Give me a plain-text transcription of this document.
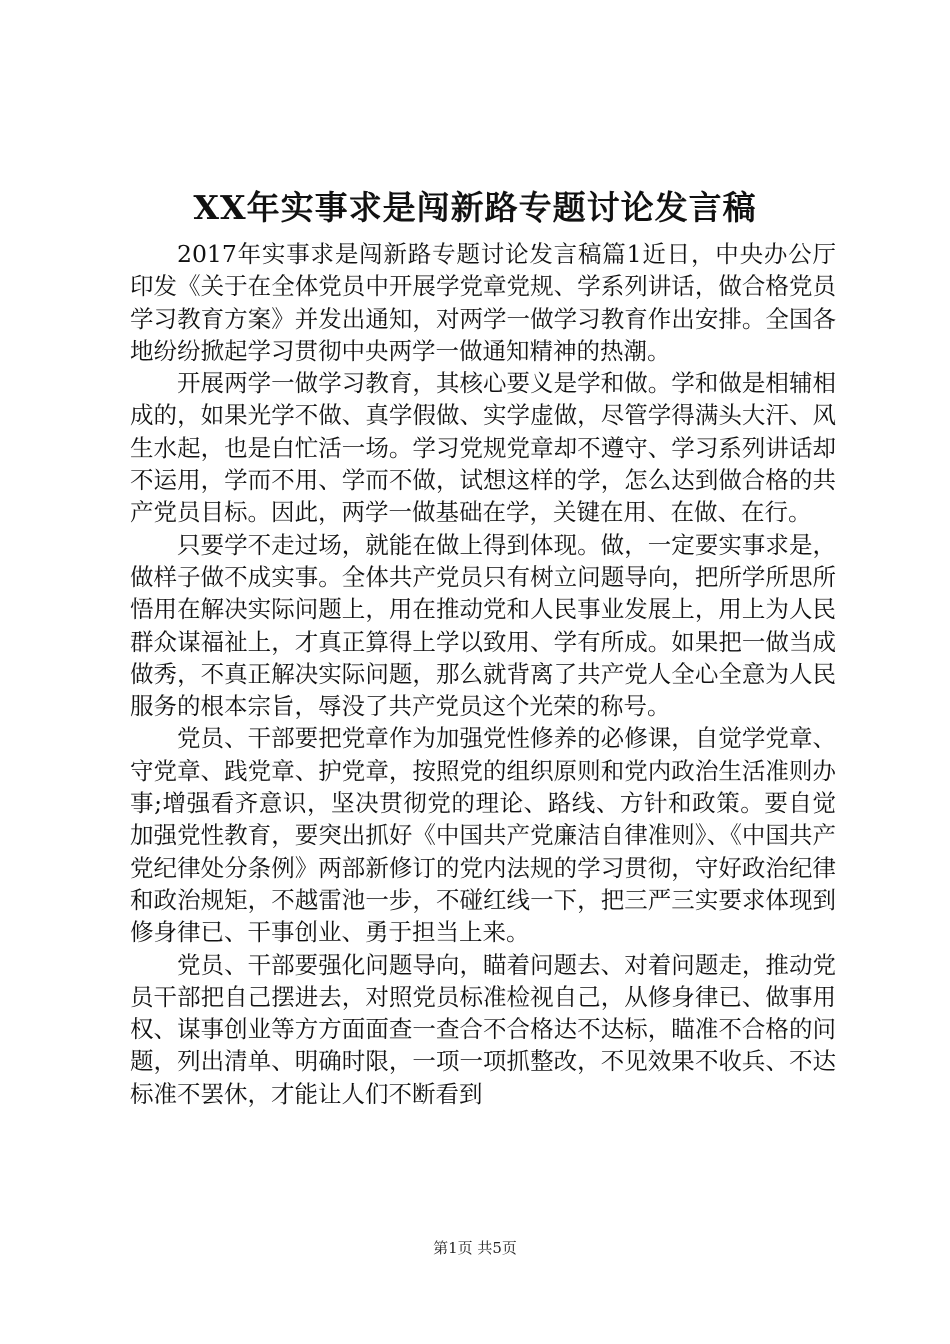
XX年实事求是闯新路专题讨论发言稿

2017年实事求是闯新路专题讨论发言稿篇1近日，中央办公厅印发《关于在全体党员中开展学党章党规、学系列讲话，做合格党员学习教育方案》并发出通知，对两学一做学习教育作出安排。全国各地纷纷掀起学习贯彻中央两学一做通知精神的热潮。

开展两学一做学习教育，其核心要义是学和做。学和做是相辅相成的，如果光学不做、真学假做、实学虚做，尽管学得满头大汗、风生水起，也是白忙活一场。学习党规党章却不遵守、学习系列讲话却不运用，学而不用、学而不做，试想这样的学，怎么达到做合格的共产党员目标。因此，两学一做基础在学，关键在用、在做、在行。

只要学不走过场，就能在做上得到体现。做，一定要实事求是，做样子做不成实事。全体共产党员只有树立问题导向，把所学所思所悟用在解决实际问题上，用在推动党和人民事业发展上，用上为人民群众谋福祉上，才真正算得上学以致用、学有所成。如果把一做当成做秀，不真正解决实际问题，那么就背离了共产党人全心全意为人民服务的根本宗旨，辱没了共产党员这个光荣的称号。

党员、干部要把党章作为加强党性修养的必修课，自觉学党章、守党章、践党章、护党章，按照党的组织原则和党内政治生活准则办事;增强看齐意识，坚决贯彻党的理论、路线、方针和政策。要自觉加强党性教育，要突出抓好《中国共产党廉洁自律准则》、《中国共产党纪律处分条例》两部新修订的党内法规的学习贯彻，守好政治纪律和政治规矩，不越雷池一步，不碰红线一下，把三严三实要求体现到修身律已、干事创业、勇于担当上来。

党员、干部要强化问题导向，瞄着问题去、对着问题走，推动党员干部把自己摆进去，对照党员标准检视自己，从修身律已、做事用权、谋事创业等方方面面查一查合不合格达不达标，瞄准不合格的问题，列出清单、明确时限，一项一项抓整改，不见效果不收兵、不达标准不罢休，才能让人们不断看到

第1页 共5页
